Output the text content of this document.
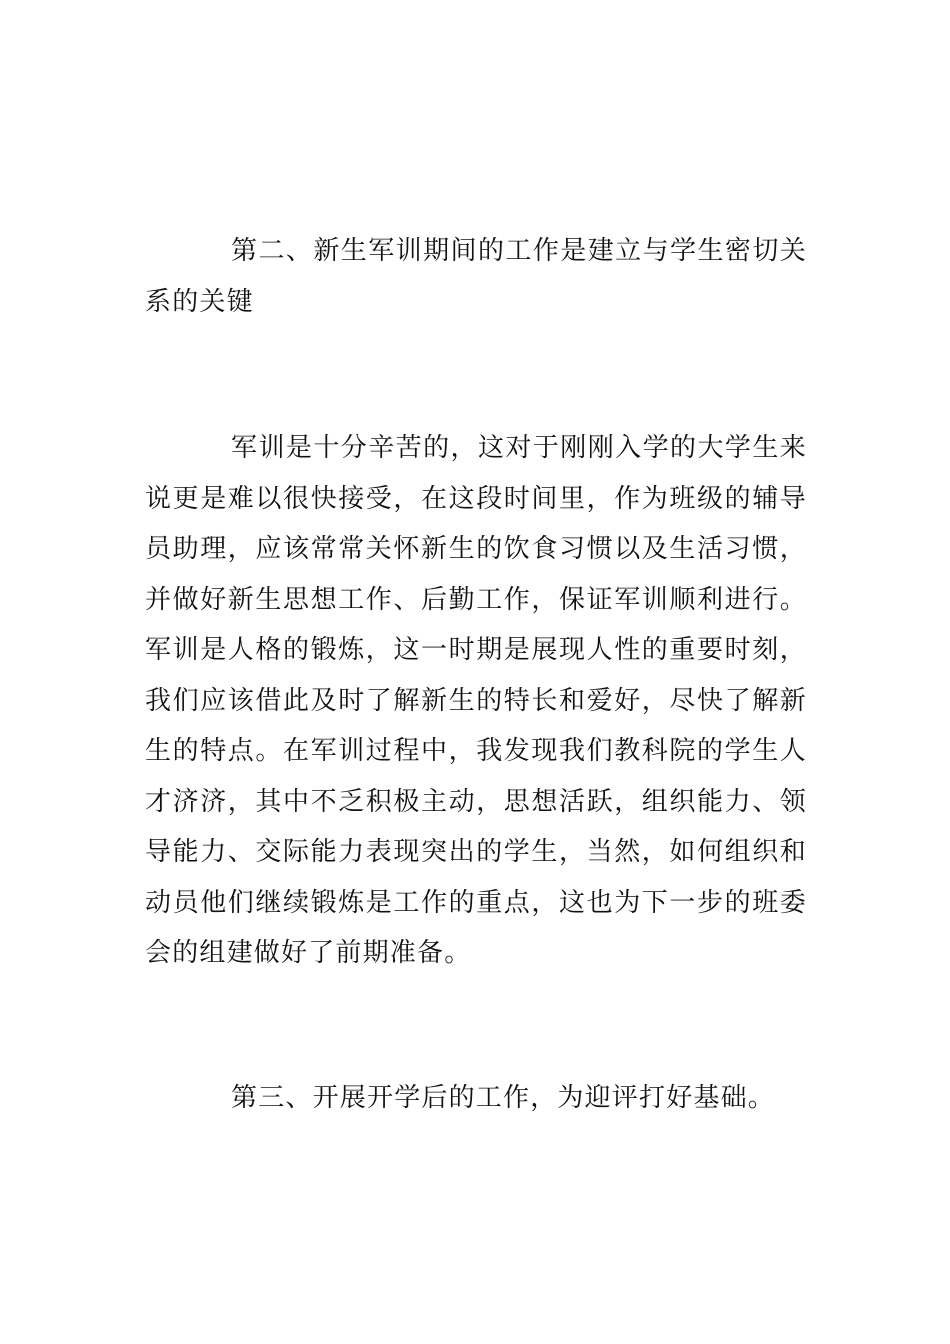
第二、新生军训期间的工作是建立与学生密切关系的关键

军训是十分辛苦的，这对于刚刚入学的大学生来说更是难以很快接受，在这段时间里，作为班级的辅导员助理，应该常常关怀新生的饮食习惯以及生活习惯，并做好新生思想工作、后勤工作，保证军训顺利进行。军训是人格的锻炼，这一时期是展现人性的重要时刻，我们应该借此及时了解新生的特长和爱好，尽快了解新生的特点。在军训过程中，我发现我们教科院的学生人才济济，其中不乏积极主动，思想活跃，组织能力、领导能力、交际能力表现突出的学生，当然，如何组织和动员他们继续锻炼是工作的重点，这也为下一步的班委会的组建做好了前期准备。

第三、开展开学后的工作，为迎评打好基础。
